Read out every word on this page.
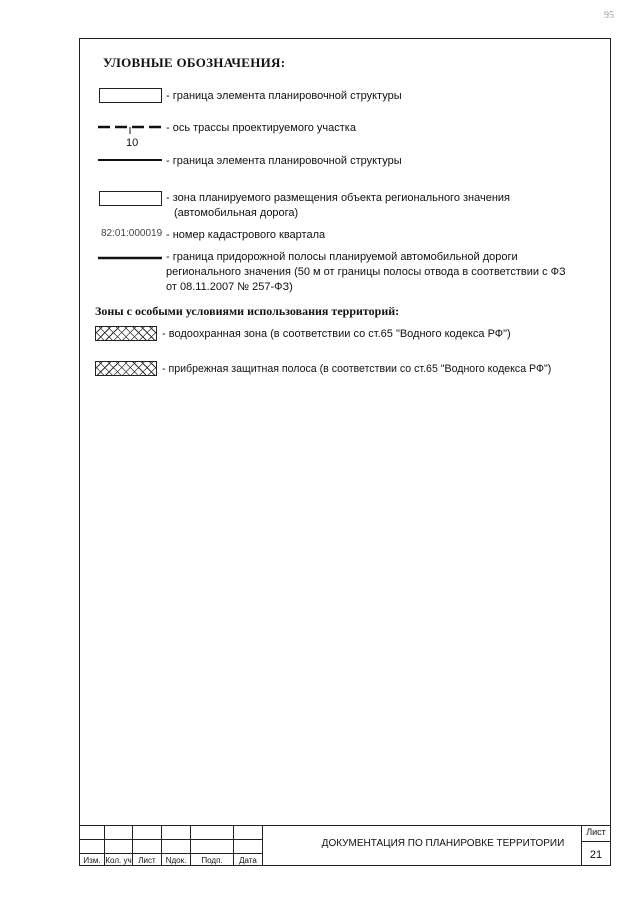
95
УЛОВНЫЕ ОБОЗНАЧЕНИЯ:
- граница элемента планировочной структуры
10
- ось трассы проектируемого участка
- граница элемента планировочной структуры
- зона планируемого размещения объекта регионального значения
(автомобильная дорога)
82:01:000019 - номер кадастрового квартала
- граница придорожной полосы планируемой автомобильной дороги
регионального значения (50 м от границы полосы отвода в соответствии с ФЗ
от 08.11.2007 № 257-ФЗ)
Зоны с особыми условиями использования территорий:
- водоохранная зона (в соответствии со ст.65 "Водного кодекса РФ")
- прибрежная защитная полоса (в соответствии со ст.65 "Водного кодекса РФ")
Изм. Кол. уч Лист	Nдок.	Подп.	Дата
ДОКУМЕНТАЦИЯ ПО ПЛАНИРОВКЕ ТЕРРИТОРИИ
Лист
21
